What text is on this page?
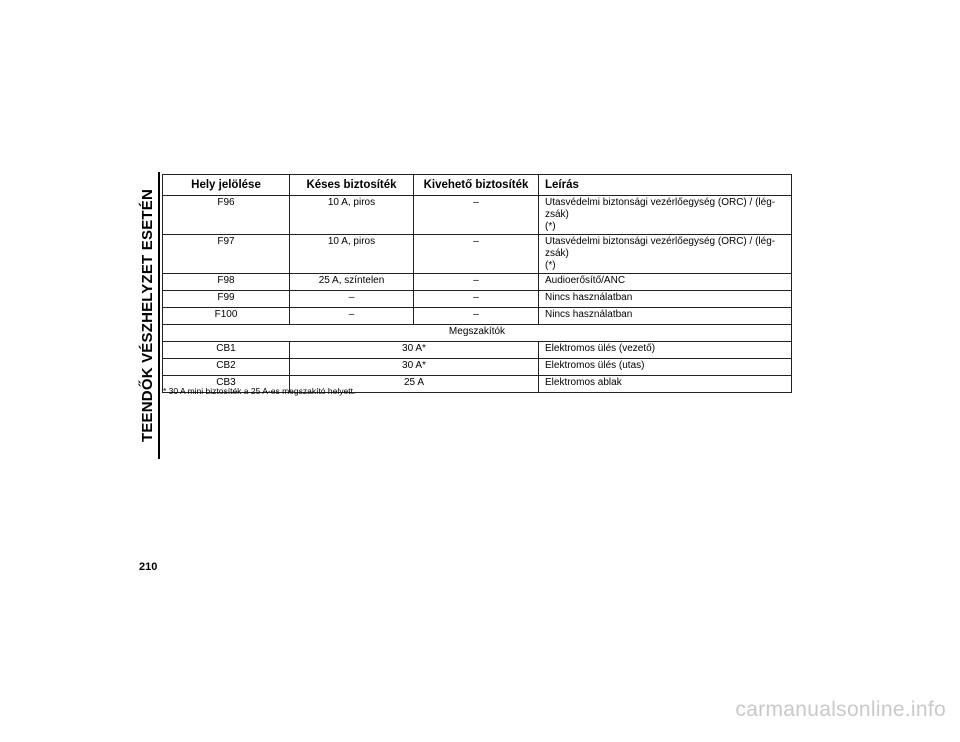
TEENDŐK VÉSZHELYZET ESETÉN
Hely jelölése	Késes biztosíték	Kivehető biztosíték	Leírás
F96	10 A, piros	–	Utasvédelmi biztonsági vezérlőegység (ORC) / (lég-
zsák)
(*)

F97	10 A, piros	–	Utasvédelmi biztonsági vezérlőegység (ORC) / (lég-
zsák)
(*)

F98	25 A, színtelen	–	Audioerősítő/ANC
F99	–	–	Nincs használatban
F100	–	–	Nincs használatban
Megszakítók			
CB1	30 A*		Elektromos ülés (vezető)
CB2	30 A*		Elektromos ülés (utas)
CB3	25 A		Elektromos ablak
* 30 A mini biztosíték a 25 A-es megszakító helyett.
210
carmanualsonline.info
